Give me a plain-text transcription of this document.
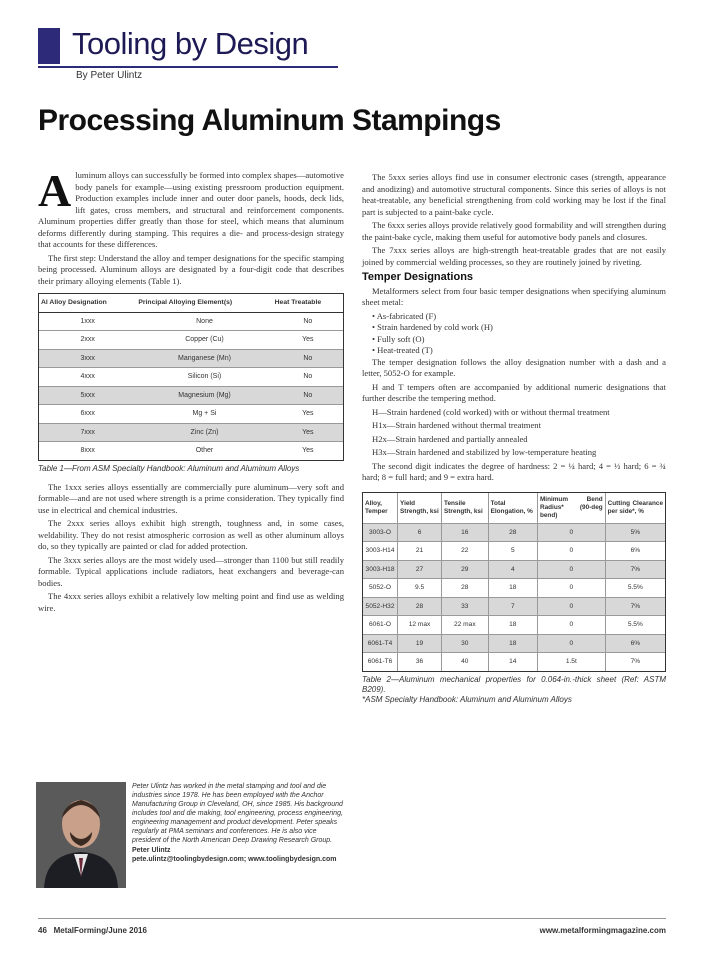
Tooling by Design
By Peter Ulintz
Processing Aluminum Stampings

Aluminum alloys can successfully be formed into complex shapes—automotive body panels for example—using existing pressroom production equipment. Production examples include inner and outer door panels, hoods, deck lids, lift gates, cross members, and structural and reinforcement components. Aluminum properties differ greatly than those for steel, which means that aluminum deforms differently during stamping. This requires a die- and process-design strategy that accounts for these differences.

The first step: Understand the alloy and temper designations for the specific stamping being processed. Aluminum alloys are designated by a four-digit code that describes their primary alloying elements (Table 1).

Al Alloy Designation	Principal Alloying Element(s)	Heat Treatable
1xxx	None	No
2xxx	Copper (Cu)	Yes
3xxx	Manganese (Mn)	No
4xxx	Silicon (Si)	No
5xxx	Magnesium (Mg)	No
6xxx	Mg + Si	Yes
7xxx	Zinc (Zn)	Yes
8xxx	Other	Yes
Table 1—From ASM Specialty Handbook: Aluminum and Aluminum Alloys

The 1xxx series alloys essentially are commercially pure aluminum—very soft and formable—and are not used where strength is a prime consideration. They typically find use in electrical and chemical industries.

The 2xxx series alloys exhibit high strength, toughness and, in some cases, weldability. They do not resist atmospheric corrosion as well as other aluminum alloys do, so they typically are painted or clad for added protection.

The 3xxx series alloys are the most widely used—stronger than 1100 but still readily formable. Typical applications include radiators, heat exchangers and beverage-can bodies.

The 4xxx series alloys exhibit a relatively low melting point and find use as welding wire.

Peter Ulintz has worked in the metal stamping and tool and die industries since 1978. He has been employed with the Anchor Manufacturing Group in Cleveland, OH, since 1985. His background includes tool and die making, tool engineering, process engineering, engineering management and product development. Peter speaks regularly at PMA seminars and conferences. He is also vice president of the North American Deep Drawing Research Group.
Peter Ulintz
pete.ulintz@toolingbydesign.com; www.toolingbydesign.com

The 5xxx series alloys find use in consumer electronic cases (strength, appearance and anodizing) and automotive structural components. Since this series of alloys is not heat-treatable, any beneficial strengthening from cold working may be lost if the final part is subjected to a paint-bake cycle.

The 6xxx series alloys provide relatively good formability and will strengthen during the paint-bake cycle, making them useful for automotive body panels and closures.

The 7xxx series alloys are high-strength heat-treatable grades that are not easily joined by commercial welding processes, so they are routinely joined by riveting.

Temper Designations

Metalformers select from four basic temper designations when specifying aluminum sheet metal:

• As-fabricated (F)
• Strain hardened by cold work (H)
• Fully soft (O)
• Heat-treated (T)

The temper designation follows the alloy designation number with a dash and a letter, 5052-O for example.

H and T tempers often are accompanied by additional numeric designations that further describe the tempering method.

H—Strain hardened (cold worked) with or without thermal treatment

H1x—Strain hardened without thermal treatment

H2x—Strain hardened and partially annealed

H3x—Strain hardened and stabilized by low-temperature heating

The second digit indicates the degree of hardness: 2 = ¼ hard; 4 = ½ hard; 6 = ¾ hard; 8 = full hard; and 9 = extra hard.

Alloy, Temper	Yield Strength, ksi	Tensile Strength, ksi	Total Elongation, %	Minimum Bend Radius* (90-deg bend)	Cutting Clearance per side*, %
3003-O	6	16	28	0	5%
3003-H14	21	22	5	0	6%
3003-H18	27	29	4	0	7%
5052-O	9.5	28	18	0	5.5%
5052-H32	28	33	7	0	7%
6061-O	12 max	22 max	18	0	5.5%
6061-T4	19	30	18	0	6%
6061-T6	36	40	14	1.5t	7%
Table 2—Aluminum mechanical properties for 0.064-in.-thick sheet (Ref: ASTM B209).
*ASM Specialty Handbook: Aluminum and Aluminum Alloys
46 MetalForming/June 2016	www.metalformingmagazine.com
